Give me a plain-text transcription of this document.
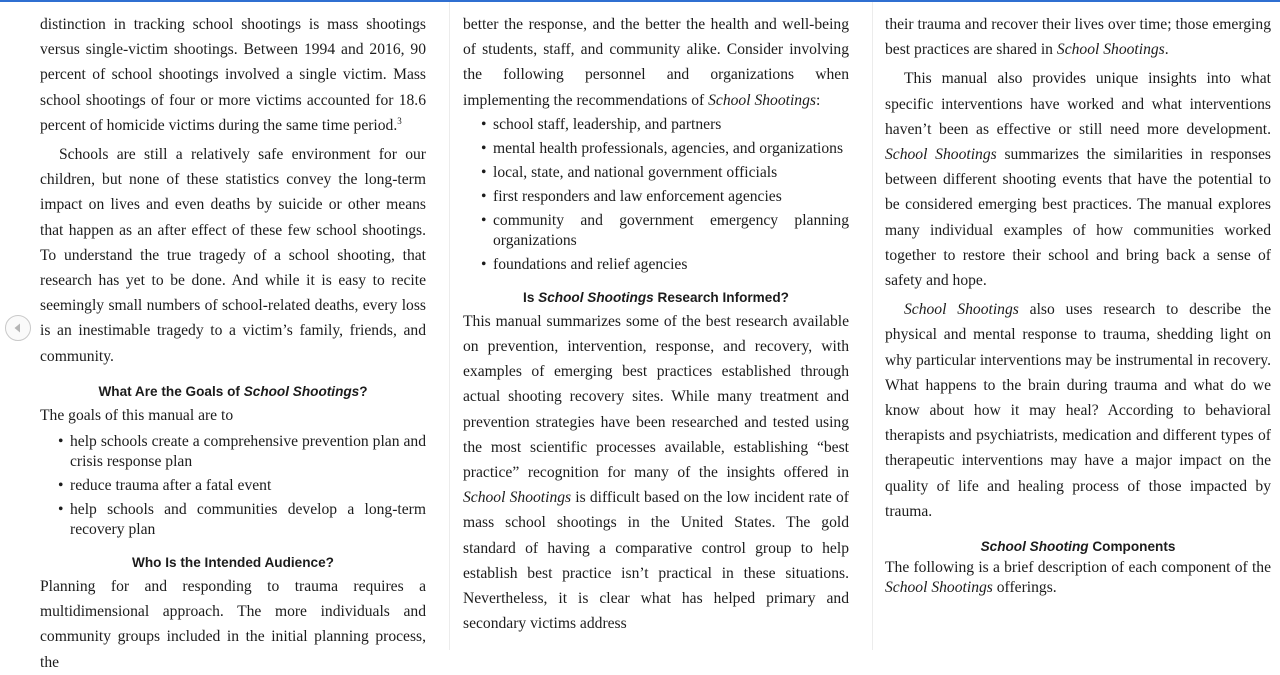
distinction in tracking school shootings is mass shootings versus single-victim shootings. Between 1994 and 2016, 90 percent of school shootings involved a single victim. Mass school shootings of four or more victims accounted for 18.6 percent of homicide victims during the same time period.$^3$

Schools are still a relatively safe environment for our children, but none of these statistics convey the long-term impact on lives and even deaths by suicide or other means that happen as an after effect of these few school shootings. To understand the true tragedy of a school shooting, that research has yet to be done. And while it is easy to recite seemingly small numbers of school-related deaths, every loss is an inestimable tragedy to a victim’s family, friends, and community.

What Are the Goals of School Shootings?

The goals of this manual are to

• help schools create a comprehensive prevention plan and crisis response plan
• reduce trauma after a fatal event
• help schools and communities develop a long-term recovery plan
Who Is the Intended Audience?

Planning for and responding to trauma requires a multidimensional approach. The more individuals and community groups included in the initial planning process, the

better the response, and the better the health and well-being of students, staff, and community alike. Consider involving the following personnel and organizations when implementing the recommendations of School Shootings:

• school staff, leadership, and partners
• mental health professionals, agencies, and organizations
• local, state, and national government officials
• first responders and law enforcement agencies
• community and government emergency planning organizations
• foundations and relief agencies
Is School Shootings Research Informed?

This manual summarizes some of the best research available on prevention, intervention, response, and recovery, with examples of emerging best practices established through actual shooting recovery sites. While many treatment and prevention strategies have been researched and tested using the most scientific processes available, establishing “best practice” recognition for many of the insights offered in School Shootings is difficult based on the low incident rate of mass school shootings in the United States. The gold standard of having a comparative control group to help establish best practice isn’t practical in these situations. Nevertheless, it is clear what has helped primary and secondary victims address

their trauma and recover their lives over time; those emerging best practices are shared in School Shootings.

This manual also provides unique insights into what specific interventions have worked and what interventions haven’t been as effective or still need more development. School Shootings summarizes the similarities in responses between different shooting events that have the potential to be considered emerging best practices. The manual explores many individual examples of how communities worked together to restore their school and bring back a sense of safety and hope.

School Shootings also uses research to describe the physical and mental response to trauma, shedding light on why particular interventions may be instrumental in recovery. What happens to the brain during trauma and what do we know about how it may heal? According to behavioral therapists and psychiatrists, medication and different types of therapeutic interventions may have a major impact on the quality of life and healing process of those impacted by trauma.

School Shooting Components

The following is a brief description of each component of the School Shootings offerings.
